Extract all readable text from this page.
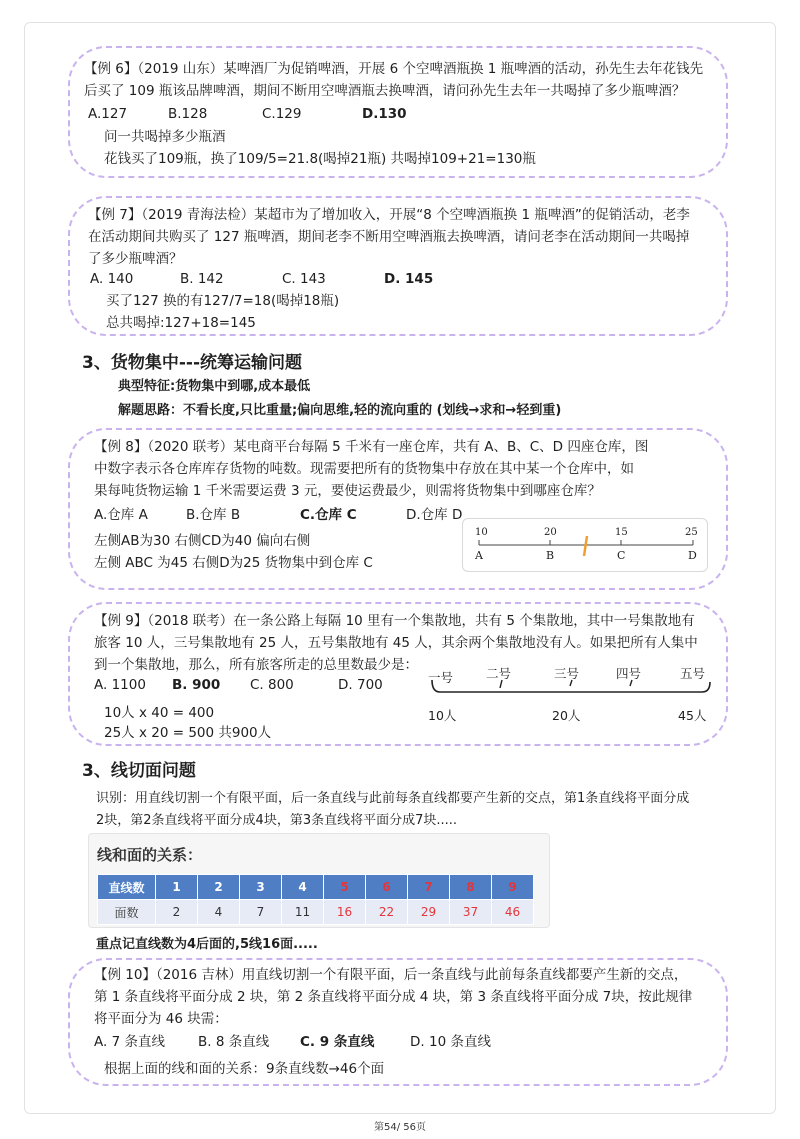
【例 6】（2019 山东）某啤酒厂为促销啤酒，开展 6 个空啤酒瓶换 1 瓶啤酒的活动，孙先生去年花钱先
后买了 109 瓶该品牌啤酒，期间不断用空啤酒瓶去换啤酒，请问孙先生去年一共喝掉了多少瓶啤酒？
A.127	B.128	C.129	D.130
问一共喝掉多少瓶酒
花钱买了109瓶，换了109/5=21.8(喝掉21瓶) 共喝掉109+21=130瓶
【例 7】（2019 青海法检）某超市为了增加收入，开展“8 个空啤酒瓶换 1 瓶啤酒”的促销活动，老李
在活动期间共购买了 127 瓶啤酒，期间老李不断用空啤酒瓶去换啤酒，请问老李在活动期间一共喝掉
了多少瓶啤酒？
A. 140	B. 142	C. 143	D. 145
买了127 换的有127/7=18(喝掉18瓶)
总共喝掉:127+18=145
3、货物集中---统筹运输问题
典型特征:货物集中到哪,成本最低
解题思路：不看长度,只比重量;偏向思维,轻的流向重的 (划线→求和→轻到重)
【例 8】（2020 联考）某电商平台每隔 5 千米有一座仓库，共有 A、B、C、D 四座仓库，图
中数字表示各仓库库存货物的吨数。现需要把所有的货物集中存放在其中某一个仓库中，如
果每吨货物运输 1 千米需要运费 3 元，要使运费最少，则需将货物集中到哪座仓库？
A.仓库 A	B.仓库 B	C.仓库 C	D.仓库 D
左侧AB为30 右侧CD为40 偏向右侧
左侧 ABC 为45 右侧D为25 货物集中到仓库 C
10	20	15	25
A	B	C	D
【例 9】（2018 联考）在一条公路上每隔 10 里有一个集散地，共有 5 个集散地，其中一号集散地有
旅客 10 人，三号集散地有 25 人，五号集散地有 45 人，其余两个集散地没有人。如果把所有人集中
到一个集散地，那么，所有旅客所走的总里数最少是：
A. 1100 B. 900 C. 800	D. 700
10人 x 40 = 400
25人 x 20 = 500 共900人
一号	二号	三号	四号	五号
10人	20人	45人
3、线切面问题
识别：用直线切割一个有限平面，后一条直线与此前每条直线都要产生新的交点，第1条直线将平面分成
2块，第2条直线将平面分成4块，第3条直线将平面分成7块.....
线和面的关系：
直线数	1	2	3	4	5	6	7	8	9
面数	2	4	7	11	16	22	29	37	46
重点记直线数为4后面的,5线16面.....
【例 10】（2016 吉林）用直线切割一个有限平面，后一条直线与此前每条直线都要产生新的交点，
第 1 条直线将平面分成 2 块，第 2 条直线将平面分成 4 块，第 3 条直线将平面分成 7块，按此规律
将平面分为 46 块需：
A. 7 条直线 B. 8 条直线 C. 9 条直线	D. 10 条直线
根据上面的线和面的关系：9条直线数→46个面
第54/ 56页
